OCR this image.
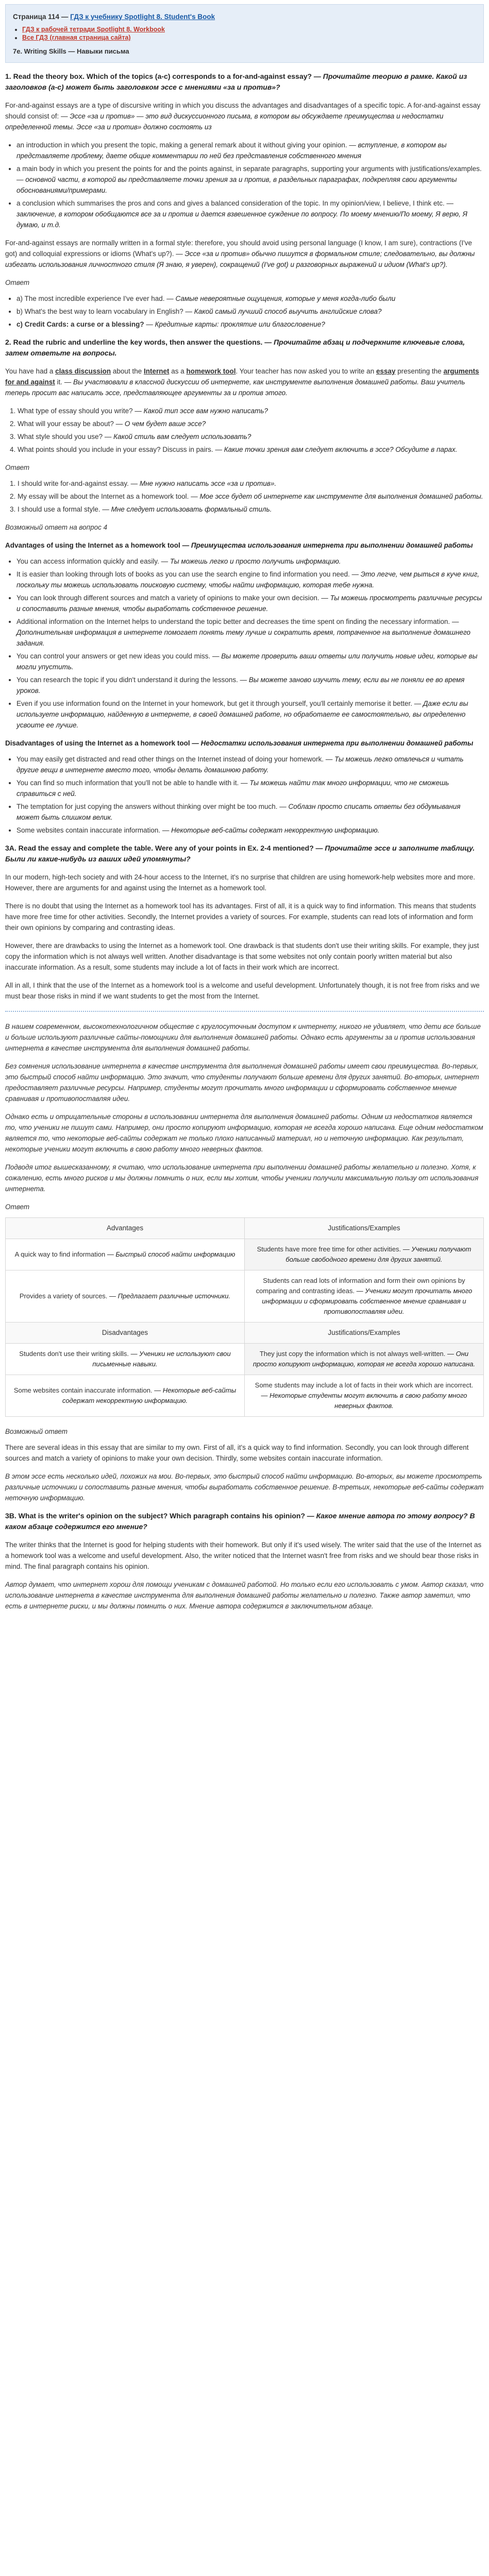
Страница 114 — ГДЗ к учебнику Spotlight 8. Student's Book
• ГДЗ к рабочей тетради Spotlight 8. Workbook
• Все ГДЗ (главная страница сайта)
7e. Writing Skills — Навыки письма

1. Read the theory box. Which of the topics (a-c) corresponds to a for-and-against essay? — Прочитайте теорию в рамке. Какой из заголовков (a-c) может быть заголовком эссе с мнениями «за и против»?

For-and-against essays are a type of discursive writing in which you discuss the advantages and disadvantages of a specific topic. A for-and-against essay should consist of: — Эссе «за и против» — это вид дискуссионного письма, в котором вы обсуждаете преимущества и недостатки определенной темы. Эссе «за и против» должно состоять из

• an introduction in which you present the topic, making a general remark about it without giving your opinion. — вступление, в котором вы представляете проблему, даете общие комментарии по ней без представления собственного мнения
• a main body in which you present the points for and the points against, in separate paragraphs, supporting your arguments with justifications/examples. — основной части, в которой вы представляете точки зрения за и против, в раздельных параграфах, подкрепляя свои аргументы обоснованиями/примерами.
• a conclusion which summarises the pros and cons and gives a balanced consideration of the topic. In my opinion/view, I believe, I think etc. — заключение, в котором обобщаются все за и против и дается взвешенное суждение по вопросу. По моему мнению/По моему, Я верю, Я думаю, и т.д.

For-and-against essays are normally written in a formal style: therefore, you should avoid using personal language (I know, I am sure), contractions (I've got) and colloquial expressions or idioms (What's up?). — Эссе «за и против» обычно пишутся в формальном стиле; следовательно, вы должны избегать использования личностного стиля (Я знаю, я уверен), сокращений (I've got) и разговорных выражений и идиом (What's up?).

Ответ

• a) The most incredible experience I've ever had. — Самые невероятные ощущения, которые у меня когда-либо были
• b) What's the best way to learn vocabulary in English? — Какой самый лучший способ выучить английские слова?
• c) Credit Cards: a curse or a blessing? — Кредитные карты: проклятие или благословение?

2. Read the rubric and underline the key words, then answer the questions. — Прочитайте абзац и подчеркните ключевые слова, затем ответьте на вопросы.

You have had a class discussion about the Internet as a homework tool. Your teacher has now asked you to write an essay presenting the arguments for and against it. — Вы участвовали в классной дискуссии об интернете, как инструменте выполнения домашней работы. Ваш учитель теперь просит вас написать эссе, представляющее аргументы за и против этого.

1. What type of essay should you write? — Какой тип эссе вам нужно написать?
2. What will your essay be about? — О чем будет ваше эссе?
3. What style should you use? — Какой стиль вам следует использовать?
4. What points should you include in your essay? Discuss in pairs. — Какие точки зрения вам следует включить в эссе? Обсудите в парах.

Ответ

1. I should write for-and-against essay. — Мне нужно написать эссе «за и против».
2. My essay will be about the Internet as a homework tool. — Мое эссе будет об интернете как инструменте для выполнения домашней работы.
3. I should use a formal style. — Мне следует использовать формальный стиль.

Возможный ответ на вопрос 4

Advantages of using the Internet as a homework tool — Преимущества использования интернета при выполнении домашней работы
• You can access information quickly and easily. — Ты можешь легко и просто получить информацию.
• It is easier than looking through lots of books as you can use the search engine to find information you need. — Это легче, чем рыться в куче книг, поскольку ты можешь использовать поисковую систему, чтобы найти информацию, которая тебе нужна.
• You can look through different sources and match a variety of opinions to make your own decision. — Ты можешь просмотреть различные ресурсы и сопоставить разные мнения, чтобы выработать собственное решение.
• Additional information on the Internet helps to understand the topic better and decreases the time spent on finding the necessary information. — Дополнительная информация в интернете помогает понять тему лучше и сократить время, потраченное на выполнение домашнего задания.
• You can control your answers or get new ideas you could miss. — Вы можете проверить ваши ответы или получить новые идеи, которые вы могли упустить.
• You can research the topic if you didn't understand it during the lessons. — Вы можете заново изучить тему, если вы не поняли ее во время уроков.
• Even if you use information found on the Internet in your homework, but get it through yourself, you'll certainly memorise it better. — Даже если вы используете информацию, найденную в интернете, в своей домашней работе, но обработаете ее самостоятельно, вы определенно усвоите ее лучше.
Disadvantages of using the Internet as a homework tool — Недостатки использования интернета при выполнении домашней работы
• You may easily get distracted and read other things on the Internet instead of doing your homework. — Ты можешь легко отвлечься и читать другие вещи в интернете вместо того, чтобы делать домашнюю работу.
• You can find so much information that you'll not be able to handle with it. — Ты можешь найти так много информации, что не сможешь справиться с ней.
• The temptation for just copying the answers without thinking over might be too much. — Соблазн просто списать ответы без обдумывания может быть слишком велик.
• Some websites contain inaccurate information. — Некоторые веб-сайты содержат некорректную информацию.

3A. Read the essay and complete the table. Were any of your points in Ex. 2-4 mentioned? — Прочитайте эссе и заполните таблицу. Были ли какие-нибудь из ваших идей упомянуты?

In our modern, high-tech society and with 24-hour access to the Internet, it's no surprise that children are using homework-help websites more and more. However, there are arguments for and against using the Internet as a homework tool.

There is no doubt that using the Internet as a homework tool has its advantages. First of all, it is a quick way to find information. This means that students have more free time for other activities. Secondly, the Internet provides a variety of sources. For example, students can read lots of information and form their own opinions by comparing and contrasting ideas.

However, there are drawbacks to using the Internet as a homework tool. One drawback is that students don't use their writing skills. For example, they just copy the information which is not always well written. Another disadvantage is that some websites not only contain poorly written material but also inaccurate information. As a result, some students may include a lot of facts in their work which are incorrect.

All in all, I think that the use of the Internet as a homework tool is a welcome and useful development. Unfortunately though, it is not free from risks and we must bear those risks in mind if we want students to get the most from the Internet.

В нашем современном, высокотехнологичном обществе с круглосуточным доступом к интернету, никого не удивляет, что дети все больше и больше используют различные сайты-помощники для выполнения домашней работы. Однако есть аргументы за и против использования интернета в качестве инструмента для выполнения домашней работы.

Без сомнения использование интернета в качестве инструмента для выполнения домашней работы имеет свои преимущества. Во-первых, это быстрый способ найти информацию. Это значит, что студенты получают больше времени для других занятий. Во-вторых, интернет предоставляет различные ресурсы. Например, студенты могут прочитать много информации и сформировать собственное мнение сравнивая и противопоставляя идеи.

Однако есть и отрицательные стороны в использовании интернета для выполнения домашней работы. Одним из недостатков является то, что ученики не пишут сами. Например, они просто копируют информацию, которая не всегда хорошо написана. Еще одним недостатком является то, что некоторые веб-сайты содержат не только плохо написанный материал, но и неточную информацию. Как результат, некоторые ученики могут включить в свою работу много неверных фактов.

Подводя итог вышесказанному, я считаю, что использование интернета при выполнении домашней работы желательно и полезно. Хотя, к сожалению, есть много рисков и мы должны помнить о них, если мы хотим, чтобы ученики получили максимальную пользу от использования интернета.

Ответ

Advantages	Justifications/Examples
A quick way to find information — Быстрый способ найти информацию	Students have more free time for other activities. — Ученики получают больше свободного времени для других занятий.
Provides a variety of sources. — Предлагает различные источники.	Students can read lots of information and form their own opinions by comparing and contrasting ideas. — Ученики могут прочитать много информации и сформировать собственное мнение сравнивая и противопоставляя идеи.
Disadvantages	Justifications/Examples
Students don't use their writing skills. — Ученики не используют свои письменные навыки.	They just copy the information which is not always well-written. — Они просто копируют информацию, которая не всегда хорошо написана.
Some websites contain inaccurate information. — Некоторые веб-сайты содержат некорректную информацию.	Some students may include a lot of facts in their work which are incorrect. — Некоторые студенты могут включить в свою работу много неверных фактов.

Возможный ответ

There are several ideas in this essay that are similar to my own. First of all, it's a quick way to find information. Secondly, you can look through different sources and match a variety of opinions to make your own decision. Thirdly, some websites contain inaccurate information.

В этом эссе есть несколько идей, похожих на мои. Во-первых, это быстрый способ найти информацию. Во-вторых, вы можете просмотреть различные источники и сопоставить разные мнения, чтобы выработать собственное решение. В-третьих, некоторые веб-сайты содержат неточную информацию.

3B. What is the writer's opinion on the subject? Which paragraph contains his opinion? — Какое мнение автора по этому вопросу? В каком абзаце содержится его мнение?

The writer thinks that the Internet is good for helping students with their homework. But only if it's used wisely. The writer said that the use of the Internet as a homework tool was a welcome and useful development. Also, the writer noticed that the Internet wasn't free from risks and we should bear those risks in mind. The final paragraph contains his opinion.

Автор думает, что интернет хорош для помощи ученикам с домашней работой. Но только если его использовать с умом. Автор сказал, что использование интернета в качестве инструмента для выполнения домашней работы желательно и полезно. Также автор заметил, что есть в интернете риски, и мы должны помнить о них. Мнение автора содержится в заключительном абзаце.
